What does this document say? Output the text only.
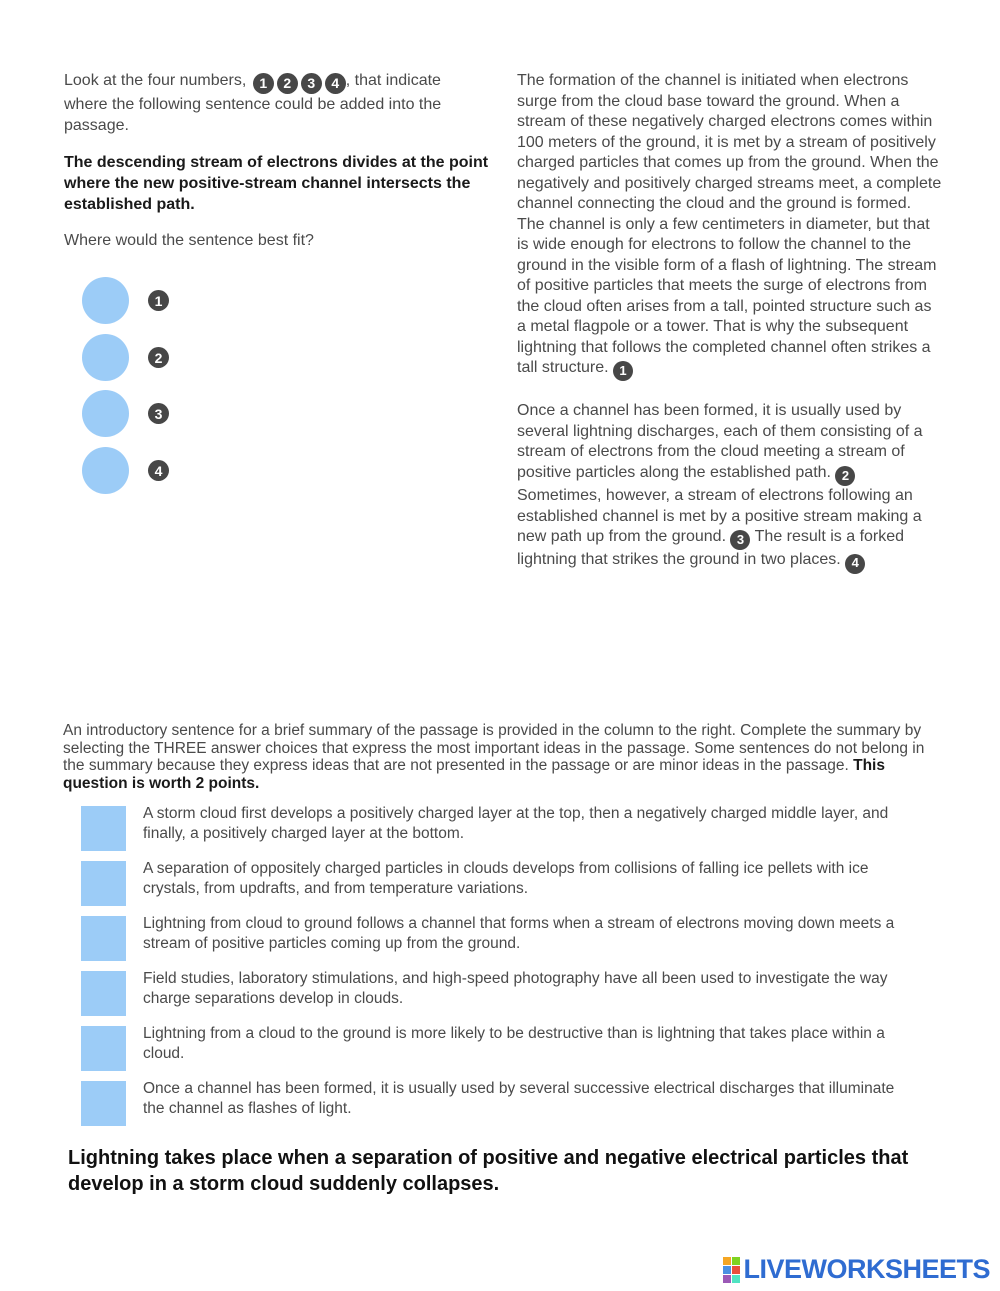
Look at the four numbers, 1	2	3	4 , that indicate where the following sentence could be added into the passage.
The descending stream of electrons divides at the point where the new positive-stream channel intersects the established path.
Where would the sentence best fit?
1
2
3
4

The formation of the channel is initiated when electrons surge from the cloud base toward the ground. When a stream of these negatively charged electrons comes within 100 meters of the ground, it is met by a stream of positively charged particles that comes up from the ground. When the negatively and positively charged streams meet, a complete channel connecting the cloud and the ground is formed. The channel is only a few centimeters in diameter, but that is wide enough for electrons to follow the channel to the ground in the visible form of a flash of lightning. The stream of positive particles that meets the surge of electrons from the cloud often arises from a tall, pointed structure such as a metal flagpole or a tower. That is why the subsequent lightning that follows the completed channel often strikes a tall structure. 1

Once a channel has been formed, it is usually used by several lightning discharges, each of them consisting of a stream of electrons from the cloud meeting a stream of positive particles along the established path. 2 Sometimes, however, a stream of electrons following an established channel is met by a positive stream making a new path up from the ground. 3 The result is a forked lightning that strikes the ground in two places. 4

An introductory sentence for a brief summary of the passage is provided in the column to the right. Complete the summary by selecting the THREE answer choices that express the most important ideas in the passage. Some sentences do not belong in the summary because they express ideas that are not presented in the passage or are minor ideas in the passage. This question is worth 2 points.
A storm cloud first develops a positively charged layer at the top, then a negatively charged middle layer, and finally, a positively charged layer at the bottom.
A separation of oppositely charged particles in clouds develops from collisions of falling ice pellets with ice crystals, from updrafts, and from temperature variations.
Lightning from cloud to ground follows a channel that forms when a stream of electrons moving down meets a stream of positive particles coming up from the ground.
Field studies, laboratory stimulations, and high-speed photography have all been used to investigate the way charge separations develop in clouds.
Lightning from a cloud to the ground is more likely to be destructive than is lightning that takes place within a cloud.
Once a channel has been formed, it is usually used by several successive electrical discharges that illuminate the channel as flashes of light.
Lightning takes place when a separation of positive and negative electrical particles that develop in a storm cloud suddenly collapses.
LIVEWORKSHEETS
